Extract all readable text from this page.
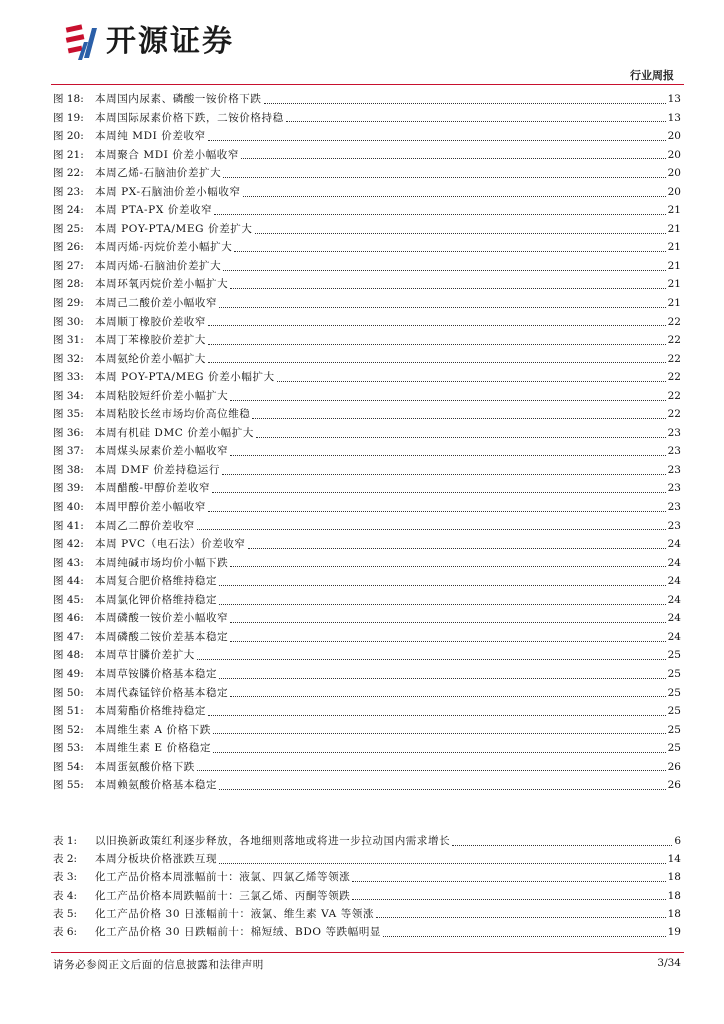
开源证券
行业周报
图 18:	本周国内尿素、磷酸一铵价格下跌	13
图 19:	本周国际尿素价格下跌，二铵价格持稳	13
图 20:	本周纯 MDI 价差收窄	20
图 21:	本周聚合 MDI 价差小幅收窄	20
图 22:	本周乙烯-石脑油价差扩大	20
图 23:	本周 PX-石脑油价差小幅收窄	20
图 24:	本周 PTA-PX 价差收窄	21
图 25:	本周 POY-PTA/MEG 价差扩大	21
图 26:	本周丙烯-丙烷价差小幅扩大	21
图 27:	本周丙烯-石脑油价差扩大	21
图 28:	本周环氧丙烷价差小幅扩大	21
图 29:	本周己二酸价差小幅收窄	21
图 30:	本周顺丁橡胶价差收窄	22
图 31:	本周丁苯橡胶价差扩大	22
图 32:	本周氨纶价差小幅扩大	22
图 33:	本周 POY-PTA/MEG 价差小幅扩大	22
图 34:	本周粘胶短纤价差小幅扩大	22
图 35:	本周粘胶长丝市场均价高位维稳	22
图 36:	本周有机硅 DMC 价差小幅扩大	23
图 37:	本周煤头尿素价差小幅收窄	23
图 38:	本周 DMF 价差持稳运行	23
图 39:	本周醋酸-甲醇价差收窄	23
图 40:	本周甲醇价差小幅收窄	23
图 41:	本周乙二醇价差收窄	23
图 42:	本周 PVC（电石法）价差收窄	24
图 43:	本周纯碱市场均价小幅下跌	24
图 44:	本周复合肥价格维持稳定	24
图 45:	本周氯化钾价格维持稳定	24
图 46:	本周磷酸一铵价差小幅收窄	24
图 47:	本周磷酸二铵价差基本稳定	24
图 48:	本周草甘膦价差扩大	25
图 49:	本周草铵膦价格基本稳定	25
图 50:	本周代森锰锌价格基本稳定	25
图 51:	本周菊酯价格维持稳定	25
图 52:	本周维生素 A 价格下跌	25
图 53:	本周维生素 E 价格稳定	25
图 54:	本周蛋氨酸价格下跌	26
图 55:	本周赖氨酸价格基本稳定	26
表 1:	以旧换新政策红利逐步释放，各地细则落地或将进一步拉动国内需求增长	6
表 2:	本周分板块价格涨跌互现	14
表 3:	化工产品价格本周涨幅前十：液氯、四氯乙烯等领涨	18
表 4:	化工产品价格本周跌幅前十：三氯乙烯、丙酮等领跌	18
表 5:	化工产品价格 30 日涨幅前十：液氯、维生素 VA 等领涨	18
表 6:	化工产品价格 30 日跌幅前十：棉短绒、BDO 等跌幅明显	19
请务必参阅正文后面的信息披露和法律声明	3/34
